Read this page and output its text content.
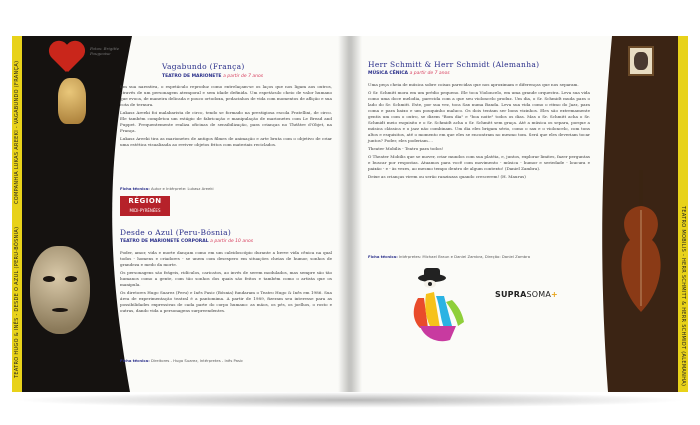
Fotos: Brigitte Pougeoise
COMPANHIA LUKAS AREEKI - VAGABUNDO (FRANÇA)
TEATRO HUGO & INÊS - DESDE O AZUL (PERU-BÓSNIA)
Vagabundo (França)
TEATRO DE MARIONETE a partir de 7 anos

Em sua narrativa, o espetáculo reproduz como entrelaçam-se os laços que nos ligam aos outros, através de um personagem atemporal e sem idade definida. Um espetáculo cheio de valor humano que evoca, de maneira delicada e pouco ortodoxa, pedacinhos de vida com momentos de aflição e sua cota de ternura.

Lukasz Areeki foi malabarista de circo, tendo se formado na prestigiosa escola Fratellini, de circo. Ele também completou um estágio de fabricação e manipulação de marionetes com Le Bread and Puppet. Frequentemente realiza oficinas de sensibilização, para crianças no Théâtre d'Objet, na França.

Lukasz Areeki tira as marionetes de antigos filmes de animação e arte bruta com o objetivo de criar uma estética visualizada ao reviver objetos fritos com materiais reciclados.

Ficha técnica: Autor e Intérprete: Lukasz Areeki
RÉGION
MIDI-PYRÉNÉES
Desde o Azul (Peru-Bósnia)
TEATRO DE MARIONETE CORPORAL a partir de 10 anos

Poder, amor, vida e morte dançam como em um caleidoscópio durante a breve vida cênica na qual todos - homens e criadores - se unem com desespero em situações cheias de humor, sonhos de grandeza e medo da morte.

Os personagens são frágeis, ridículos, caricatos, ao invés de serem modulados, mas sempre são tão humanos como a gente, com tão sonhos dos quais são feitos e também como o artista que os manipula.

Os diretores Hugo Suarez (Peru) e Inês Pasic (Bósnia) fundaram o Teatro Hugo & Inês em 1986. Sua área de experimentação teatral é a pantomima. A partir de 1989, fizeram seu interesse para as possibilidades expressivas de cada parte do corpo humano: as mãos, os pés, os joelhos, o rosto e outras, dando vida a personagens surpreendentes.

Ficha técnica: Direitores - Hugo Suarez, Intérpretes - Inês Pasic	TEATRO MOBILIS - HERR SCHMITT & HERR SCHMIDT (ALEMANHA)
Herr Schmitt & Herr Schmidt (Alemanha)
MÚSICA CÊNICA a partir de 7 anos

Uma peça cheia de música sobre coisas parecidas que nos aproximam e diferenças que nos separam.

O Sr. Schmitt mora em um prédio pequeno. Ele toca Violoncelo, em uma grande orquestra. Leva sua vida como uma doce melodia, parecida com a que seu violoncelo produz. Um dia, o Sr. Schmidt muda para o lado do Sr. Schmitt. Este, por sua vez, toca Sax numa Banda. Leva sua vida como o ritmo do Jazz, para coma e para baixo e um pouquinho maluco. Os dois tentam ser bons vizinhos. Eles são extremamente gentis um com o outro, se dizem "Bom dia" e "boa noite" todos os dias. Mas o Sr. Schmitt acha o Sr. Schmidt meio esquisito e o Sr. Schmidt acha o Sr. Schmitt sem graça. Até a música os separa, porque a música clássica e o jazz não combinam. Um dia eles brigam sério, como o sax e o violoncelo, com tons altos e esquisitos, até o momento em que eles se encontram no mesmo tom. Será que eles deveriam tocar juntos? Poder, eles poderiam....

Theater Mobilis - Teatro para todos!

O Theater Mobilis que se mover, criar mundos com sua platéia, e, juntos, explorar limites, fazer perguntas e buscar por respostas. Atuamos para você com movimento - música - humor e seriedade - loucura e paixão - e - às vezes, ao mesmo tempo dentro de algum contexto! (Daniel Zambra).

Deixe as crianças virem ou serão ranzinzas quando crescerem! (H. Maurus)

Ficha técnica: Intérpretes: Michael Braun e Daniel Zambra, Direção: Daniel Zambra
SUPRASOMA+
